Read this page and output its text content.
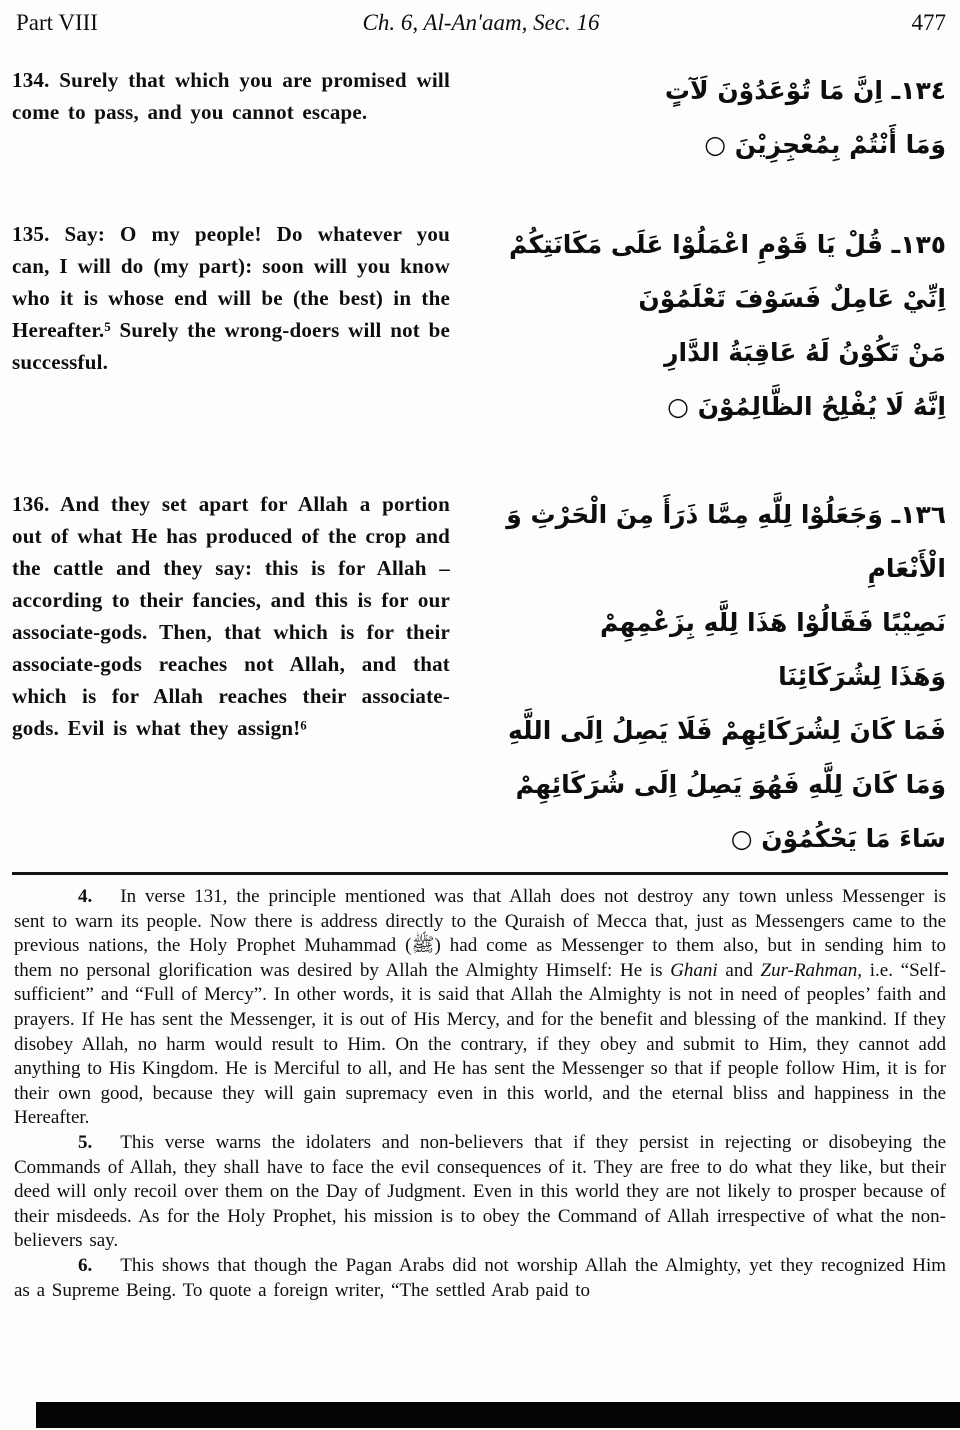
Part VIII	Ch. 6, Al-An'aam, Sec. 16	477
134. Surely that which you are promised will come to pass, and you cannot escape.
١٣٤ـ اِنَّ مَا تُوْعَدُوْنَ لَآتٍ
وَمَا أَنْتُمْ بِمُعْجِزِيْنَ ○
135. Say: O my people! Do whatever you can, I will do (my part): soon will you know who it is whose end will be (the best) in the Hereafter.⁵ Surely the wrong-doers will not be successful.
١٣٥ـ قُلْ يَا قَوْمِ اعْمَلُوْا عَلَى مَكَانَتِكُمْ
اِنِّيْ عَامِلٌ فَسَوْفَ تَعْلَمُوْنَ
مَنْ تَكُوْنُ لَهُ عَاقِبَةُ الدَّارِ
اِنَّهُ لَا يُفْلِحُ الظَّالِمُوْنَ ○
136. And they set apart for Allah a portion out of what He has produced of the crop and the cattle and they say: this is for Allah – according to their fancies, and this is for our associate-gods. Then, that which is for their associate-gods reaches not Allah, and that which is for Allah reaches their associate-gods. Evil is what they assign!⁶
١٣٦ـ وَجَعَلُوْا لِلَّهِ مِمَّا ذَرَأَ مِنَ الْحَرْثِ وَ
الْأَنْعَامِ
نَصِيْبًا فَقَالُوْا هَذَا لِلَّهِ بِزَعْمِهِمْ
وَهَذَا لِشُرَكَائِنَا
فَمَا كَانَ لِشُرَكَائِهِمْ فَلَا يَصِلُ اِلَى اللَّهِ
وَمَا كَانَ لِلَّهِ فَهُوَ يَصِلُ اِلَى شُرَكَائِهِمْ
سَاءَ مَا يَحْكُمُوْنَ ○

4. In verse 131, the principle mentioned was that Allah does not destroy any town unless Messenger is sent to warn its people. Now there is address directly to the Quraish of Mecca that, just as Messengers came to the previous nations, the Holy Prophet Muhammad (ﷺ) had come as Messenger to them also, but in sending him to them no personal glorification was desired by Allah the Almighty Himself: He is Ghani and Zur-Rahman, i.e. “Self-sufficient” and “Full of Mercy”. In other words, it is said that Allah the Almighty is not in need of peoples’ faith and prayers. If He has sent the Messenger, it is out of His Mercy, and for the benefit and blessing of the mankind. If they disobey Allah, no harm would result to Him. On the contrary, if they obey and submit to Him, they cannot add anything to His Kingdom. He is Merciful to all, and He has sent the Messenger so that if people follow Him, it is for their own good, because they will gain supremacy even in this world, and the eternal bliss and happiness in the Hereafter.

5. This verse warns the idolaters and non-believers that if they persist in rejecting or disobeying the Commands of Allah, they shall have to face the evil consequences of it. They are free to do what they like, but their deed will only recoil over them on the Day of Judgment. Even in this world they are not likely to prosper because of their misdeeds. As for the Holy Prophet, his mission is to obey the Command of Allah irrespective of what the non-believers say.

6. This shows that though the Pagan Arabs did not worship Allah the Almighty, yet they recognized Him as a Supreme Being. To quote a foreign writer, “The settled Arab paid to
